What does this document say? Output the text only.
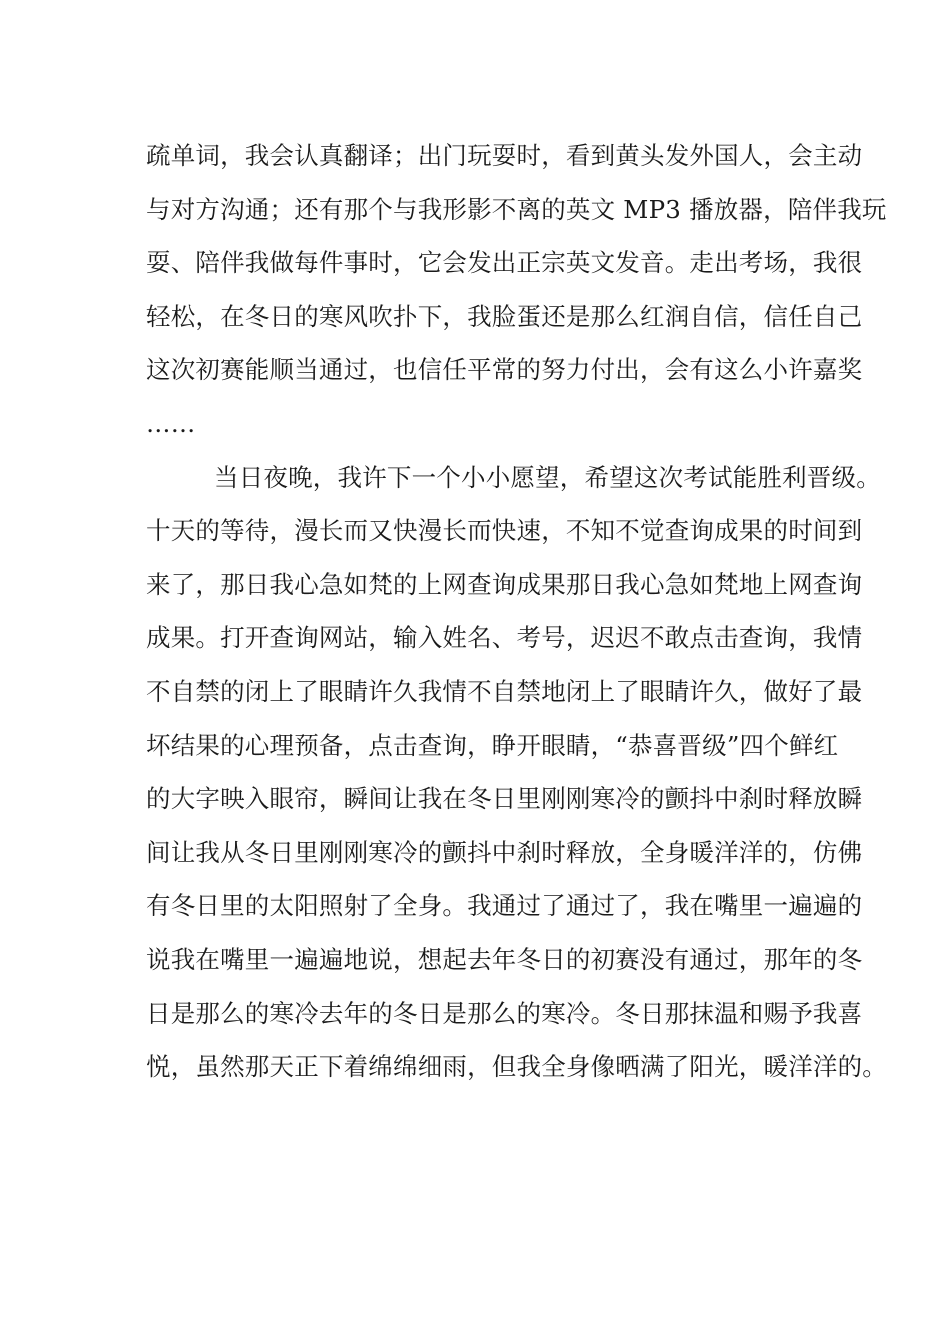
疏单词，我会认真翻译；出门玩耍时，看到黄头发外国人，会主动
与对方沟通；还有那个与我形影不离的英文 MP3 播放器，陪伴我玩
耍、陪伴我做每件事时，它会发出正宗英文发音。走出考场，我很
轻松，在冬日的寒风吹扑下，我脸蛋还是那么红润自信，信任自己
这次初赛能顺当通过，也信任平常的努力付出，会有这么小许嘉奖
……
当日夜晚，我许下一个小小愿望，希望这次考试能胜利晋级。
十天的等待，漫长而又快漫长而快速，不知不觉查询成果的时间到
来了，那日我心急如梵的上网查询成果那日我心急如梵地上网查询
成果。打开查询网站，输入姓名、考号，迟迟不敢点击查询，我情
不自禁的闭上了眼睛许久我情不自禁地闭上了眼睛许久，做好了最
坏结果的心理预备，点击查询，睁开眼睛，“恭喜晋级”四个鲜红
的大字映入眼帘，瞬间让我在冬日里刚刚寒冷的颤抖中刹时释放瞬
间让我从冬日里刚刚寒冷的颤抖中刹时释放，全身暖洋洋的，仿佛
有冬日里的太阳照射了全身。我通过了通过了，我在嘴里一遍遍的
说我在嘴里一遍遍地说，想起去年冬日的初赛没有通过，那年的冬
日是那么的寒冷去年的冬日是那么的寒冷。冬日那抹温和赐予我喜
悦，虽然那天正下着绵绵细雨，但我全身像晒满了阳光，暖洋洋的。
